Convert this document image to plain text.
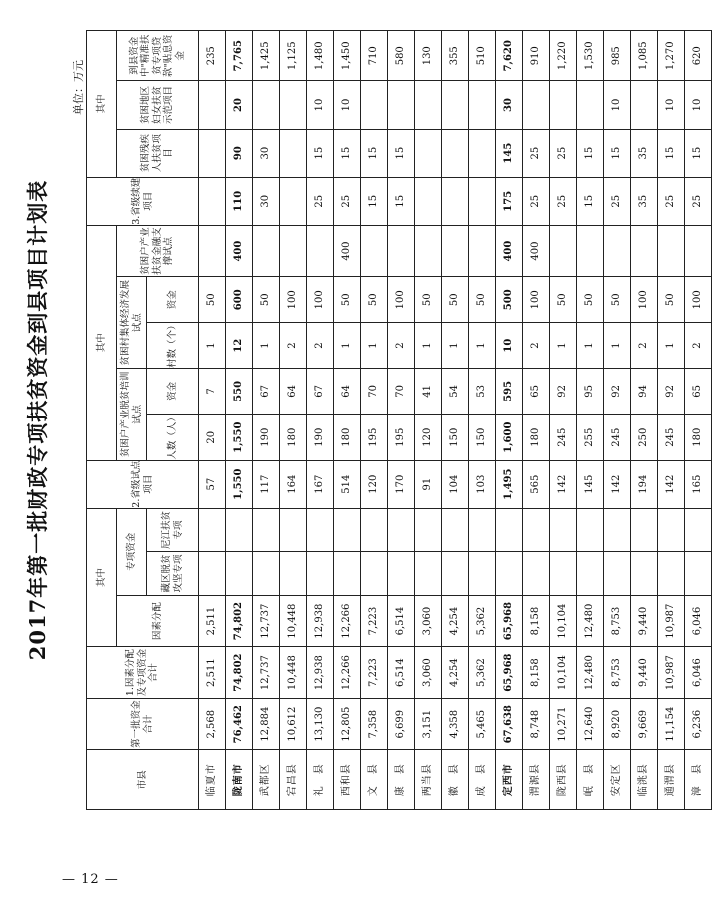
2017年第一批财政专项扶贫资金到县项目计划表
单位：万元
市县	第一批资金合计	1.因素分配及专项资金合计	其中			2.省级试点项目	其中					3.省级续建项目	其中		
			因素分配	专项资金			贫困户产业脱贫培训试点		贫困村集体经济发展试点		贫困户产业扶贫金融支撑试点		贫困残疾人扶贫项目	贫困地区妇女扶贫示范项目	到县资金中"精准扶贫专项贷款"贴息资金
				藏区脱贫攻坚专项	尼江扶贫专项		人数（人）	资金	村数（个）	资金					

临夏市	2,568	2,511	2,511			57	20	7	1	50					235
陇南市	76,462	74,802	74,802			1,550	1,550	550	12	600	400	110	90	20	7,765
武都区	12,884	12,737	12,737			117	190	67	1	50		30	30		1,425
宕昌县	10,612	10,448	10,448			164	180	64	2	100					1,125
礼　县	13,130	12,938	12,938			167	190	67	2	100		25	15	10	1,480
西和县	12,805	12,266	12,266			514	180	64	1	50	400	25	15	10	1,450
文　县	7,358	7,223	7,223			120	195	70	1	50		15	15		710
康　县	6,699	6,514	6,514			170	195	70	2	100		15	15		580
两当县	3,151	3,060	3,060			91	120	41	1	50					130
徽　县	4,358	4,254	4,254			104	150	54	1	50					355
成　县	5,465	5,362	5,362			103	150	53	1	50					510
定西市	67,638	65,968	65,968			1,495	1,600	595	10	500	400	175	145	30	7,620
渭源县	8,748	8,158	8,158			565	180	65	2	100	400	25	25		910
陇西县	10,271	10,104	10,104			142	245	92	1	50		25	25		1,220
岷　县	12,640	12,480	12,480			145	255	95	1	50		15	15		1,530
安定区	8,920	8,753	8,753			142	245	92	1	50		25	15	10	985
临洮县	9,669	9,440	9,440			194	250	94	2	100		35	35		1,085
通渭县	11,154	10,987	10,987			142	245	92	1	50		25	15	10	1,270
漳　县	6,236	6,046	6,046			165	180	65	2	100		25	15	10	620
— 12 —
